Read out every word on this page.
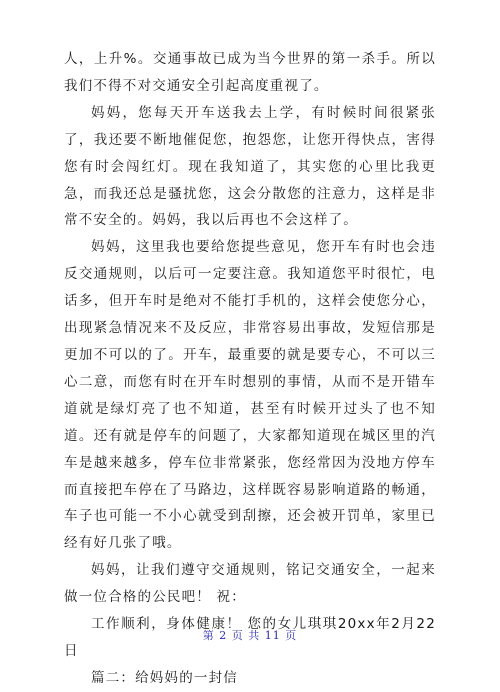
人，上升%。交通事故已成为当今世界的第一杀手。所以我们不得不对交通安全引起高度重视了。

妈妈，您每天开车送我去上学，有时候时间很紧张了，我还要不断地催促您，抱怨您，让您开得快点，害得您有时会闯红灯。现在我知道了，其实您的心里比我更急，而我还总是骚扰您，这会分散您的注意力，这样是非常不安全的。妈妈，我以后再也不会这样了。

妈妈，这里我也要给您提些意见，您开车有时也会违反交通规则，以后可一定要注意。我知道您平时很忙，电话多，但开车时是绝对不能打手机的，这样会使您分心，出现紧急情况来不及反应，非常容易出事故，发短信那是更加不可以的了。开车，最重要的就是要专心，不可以三心二意，而您有时在开车时想别的事情，从而不是开错车道就是绿灯亮了也不知道，甚至有时候开过头了也不知道。还有就是停车的问题了，大家都知道现在城区里的汽车是越来越多，停车位非常紧张，您经常因为没地方停车而直接把车停在了马路边，这样既容易影响道路的畅通，车子也可能一不小心就受到刮擦，还会被开罚单，家里已经有好几张了哦。

妈妈，让我们遵守交通规则，铭记交通安全，一起来做一位合格的公民吧！ 祝：

工作顺利，身体健康！ 您的女儿琪琪20xx年2月22日

篇二：给妈妈的一封信

第 2 页 共 11 页
